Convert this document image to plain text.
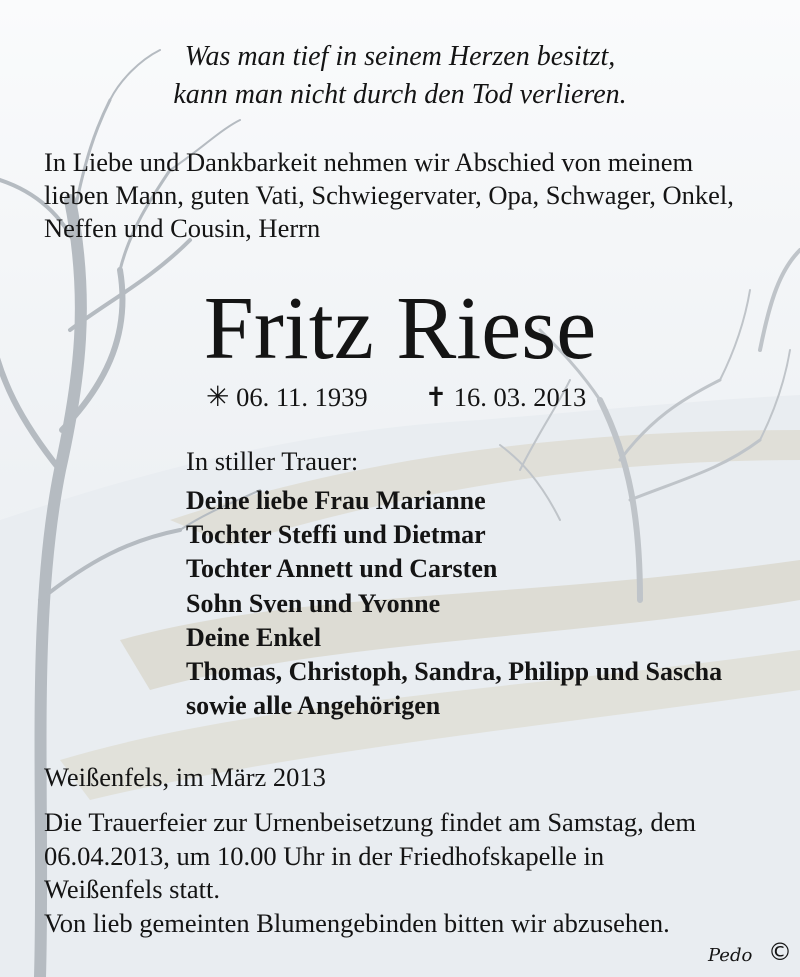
Was man tief in seinem Herzen besitzt,
kann man nicht durch den Tod verlieren.
In Liebe und Dankbarkeit nehmen wir Abschied von meinem
lieben Mann, guten Vati, Schwiegervater, Opa, Schwager, Onkel,
Neffen und Cousin, Herrn
Fritz Riese
✳ 06. 11. 1939 ✝ 16. 03. 2013
In stiller Trauer:
Deine liebe Frau Marianne
Tochter Steffi und Dietmar
Tochter Annett und Carsten
Sohn Sven und Yvonne
Deine Enkel
Thomas, Christoph, Sandra, Philipp und Sascha
sowie alle Angehörigen
Weißenfels, im März 2013
Die Trauerfeier zur Urnenbeisetzung findet am Samstag, dem
06.04.2013, um 10.00 Uhr in der Friedhofskapelle in
Weißenfels statt.
Von lieb gemeinten Blumengebinden bitten wir abzusehen.
Pedo ©
